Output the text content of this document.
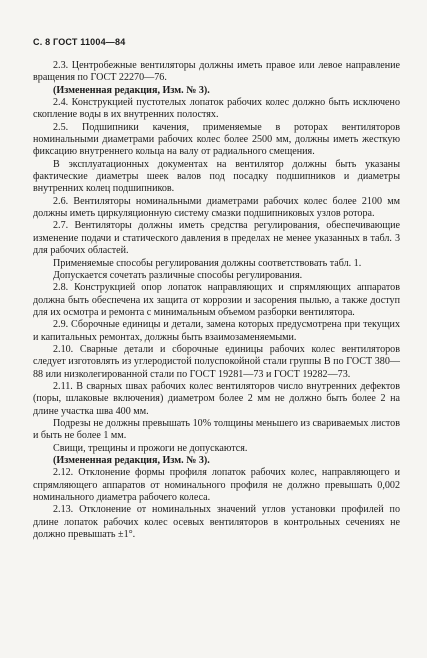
С. 8 ГОСТ 11004—84

2.3. Центробежные вентиляторы должны иметь правое или левое направление вращения по ГОСТ 22270—76.

(Измененная редакция, Изм. № 3).

2.4. Конструкцией пустотелых лопаток рабочих колес должно быть исключено скопление воды в их внутренних полостях.

2.5. Подшипники качения, применяемые в роторах вентиляторов номинальными диаметрами рабочих колес более 2500 мм, должны иметь жесткую фиксацию внутреннего кольца на валу от радиального смещения.

В эксплуатационных документах на вентилятор должны быть указаны фактические диаметры шеек валов под посадку подшипников и диаметры внутренних колец подшипников.

2.6. Вентиляторы номинальными диаметрами рабочих колес более 2100 мм должны иметь циркуляционную систему смазки подшипниковых узлов ротора.

2.7. Вентиляторы должны иметь средства регулирования, обеспечивающие изменение подачи и статического давления в пределах не менее указанных в табл. 3 для рабочих областей.

Применяемые способы регулирования должны соответствовать табл. 1.

Допускается сочетать различные способы регулирования.

2.8. Конструкцией опор лопаток направляющих и спрямляющих аппаратов должна быть обеспечена их защита от коррозии и засорения пылью, а также доступ для их осмотра и ремонта с минимальным объемом разборки вентилятора.

2.9. Сборочные единицы и детали, замена которых предусмотрена при текущих и капитальных ремонтах, должны быть взаимозаменяемыми.

2.10. Сварные детали и сборочные единицы рабочих колес вентиляторов следует изготовлять из углеродистой полуспокойной стали группы В по ГОСТ 380—88 или низколегированной стали по ГОСТ 19281—73 и ГОСТ 19282—73.

2.11. В сварных швах рабочих колес вентиляторов число внутренних дефектов (поры, шлаковые включения) диаметром более 2 мм не должно быть более 2 на длине участка шва 400 мм.

Подрезы не должны превышать 10% толщины меньшего из свариваемых листов и быть не более 1 мм.

Свищи, трещины и прожоги не допускаются.

(Измененная редакция, Изм. № 3).

2.12. Отклонение формы профиля лопаток рабочих колес, направляющего и спрямляющего аппаратов от номинального профиля не должно превышать 0,002 номинального диаметра рабочего колеса.

2.13. Отклонение от номинальных значений углов установки профилей по длине лопаток рабочих колес осевых вентиляторов в контрольных сечениях не должно превышать ±1°.
